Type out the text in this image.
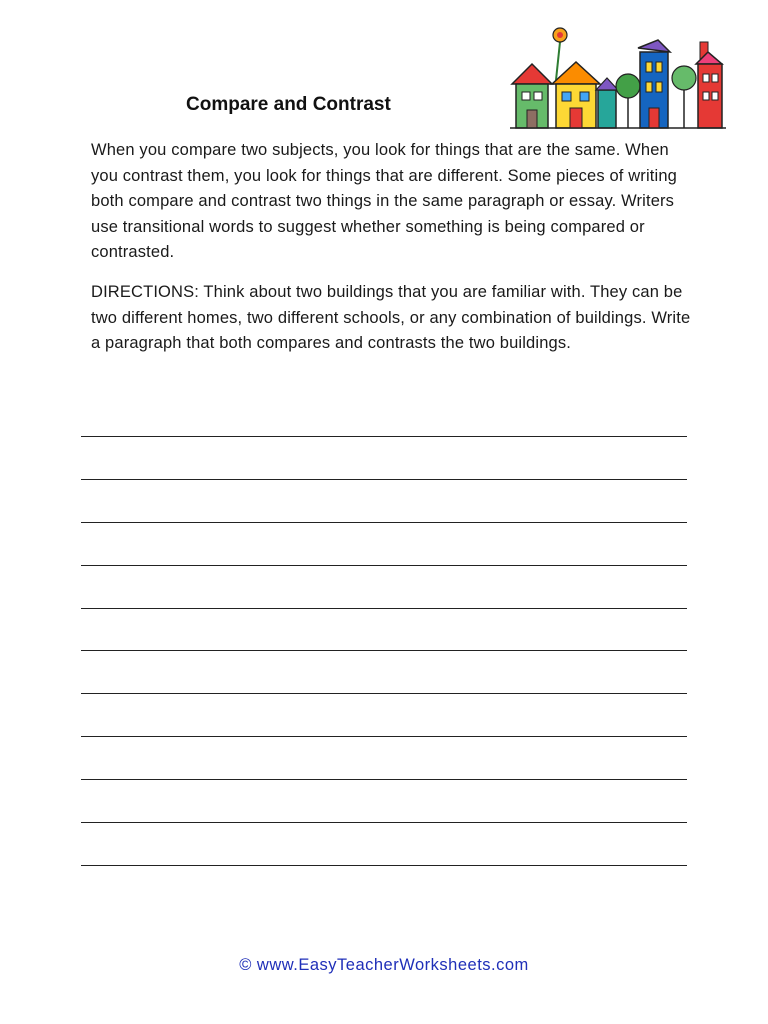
Compare and Contrast

When you compare two subjects, you look for things that are the same. When you contrast them, you look for things that are different. Some pieces of writing both compare and contrast two things in the same paragraph or essay. Writers use transitional words to suggest whether something is being compared or contrasted.

DIRECTIONS: Think about two buildings that you are familiar with. They can be two different homes, two different schools, or any combination of buildings. Write a paragraph that both compares and contrasts the two buildings.

© www.EasyTeacherWorksheets.com
